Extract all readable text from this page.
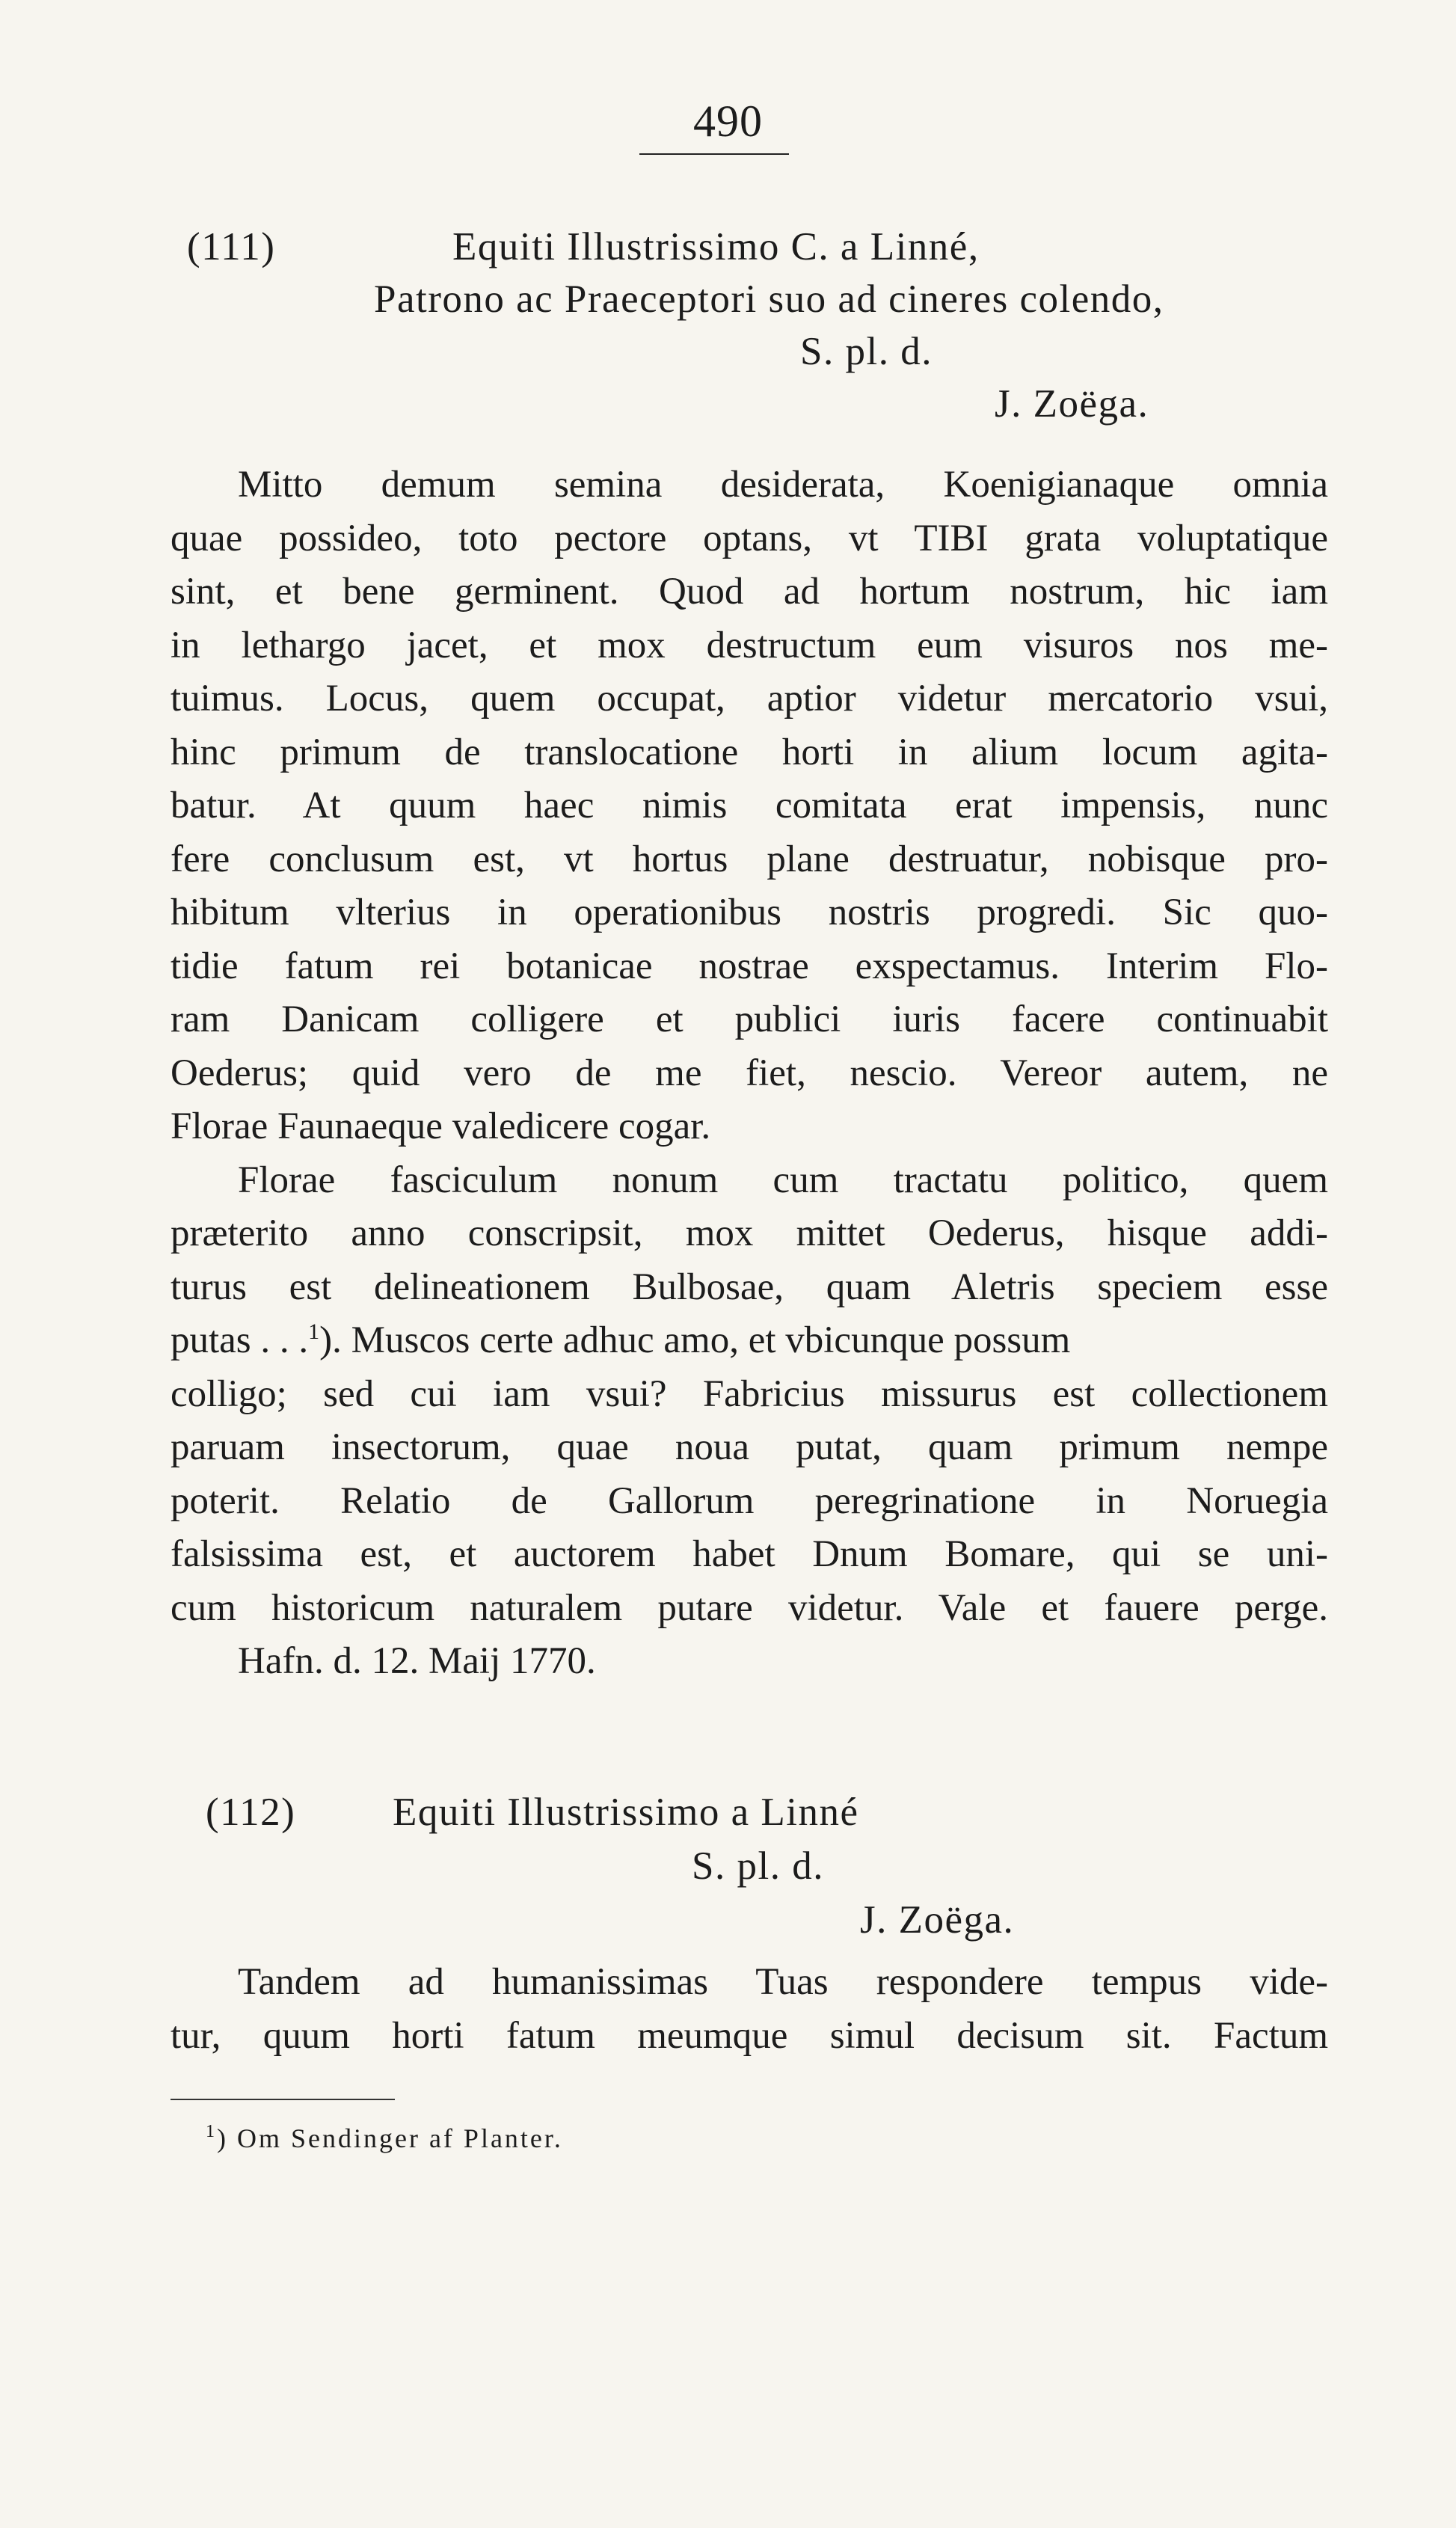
490
(111)	Equiti Illustrissimo C. a Linné,
Patrono ac Praeceptori suo ad cineres colendo,
S. pl. d.
J. Zoëga.
Mitto demum semina desiderata, Koenigianaque omnia
quae possideo, toto pectore optans, vt TIBI grata voluptatique
sint, et bene germinent. Quod ad hortum nostrum, hic iam
in lethargo jacet, et mox destructum eum visuros nos me-
tuimus. Locus, quem occupat, aptior videtur mercatorio vsui,
hinc primum de translocatione horti in alium locum agita-
batur. At quum haec nimis comitata erat impensis, nunc
fere conclusum est, vt hortus plane destruatur, nobisque pro-
hibitum vlterius in operationibus nostris progredi. Sic quo-
tidie fatum rei botanicae nostrae exspectamus. Interim Flo-
ram Danicam colligere et publici iuris facere continuabit
Oederus; quid vero de me fiet, nescio. Vereor autem, ne
Florae Faunaeque valedicere cogar.
Florae fasciculum nonum cum tractatu politico, quem
præterito anno conscripsit, mox mittet Oederus, hisque addi-
turus est delineationem Bulbosae, quam Aletris speciem esse
putas . . .$^1$). Muscos certe adhuc amo, et vbicunque possum
colligo; sed cui iam vsui? Fabricius missurus est collectionem
paruam insectorum, quae noua putat, quam primum nempe
poterit. Relatio de Gallorum peregrinatione in Noruegia
falsissima est, et auctorem habet Dnum Bomare, qui se uni-
cum historicum naturalem putare videtur. Vale et fauere perge.
Hafn. d. 12. Maij 1770.
(112) Equiti Illustrissimo a Linné
S. pl. d.
J. Zoëga.
Tandem ad humanissimas Tuas respondere tempus vide-
tur, quum horti fatum meumque simul decisum sit. Factum
$^1$) Om Sendinger af Planter.
